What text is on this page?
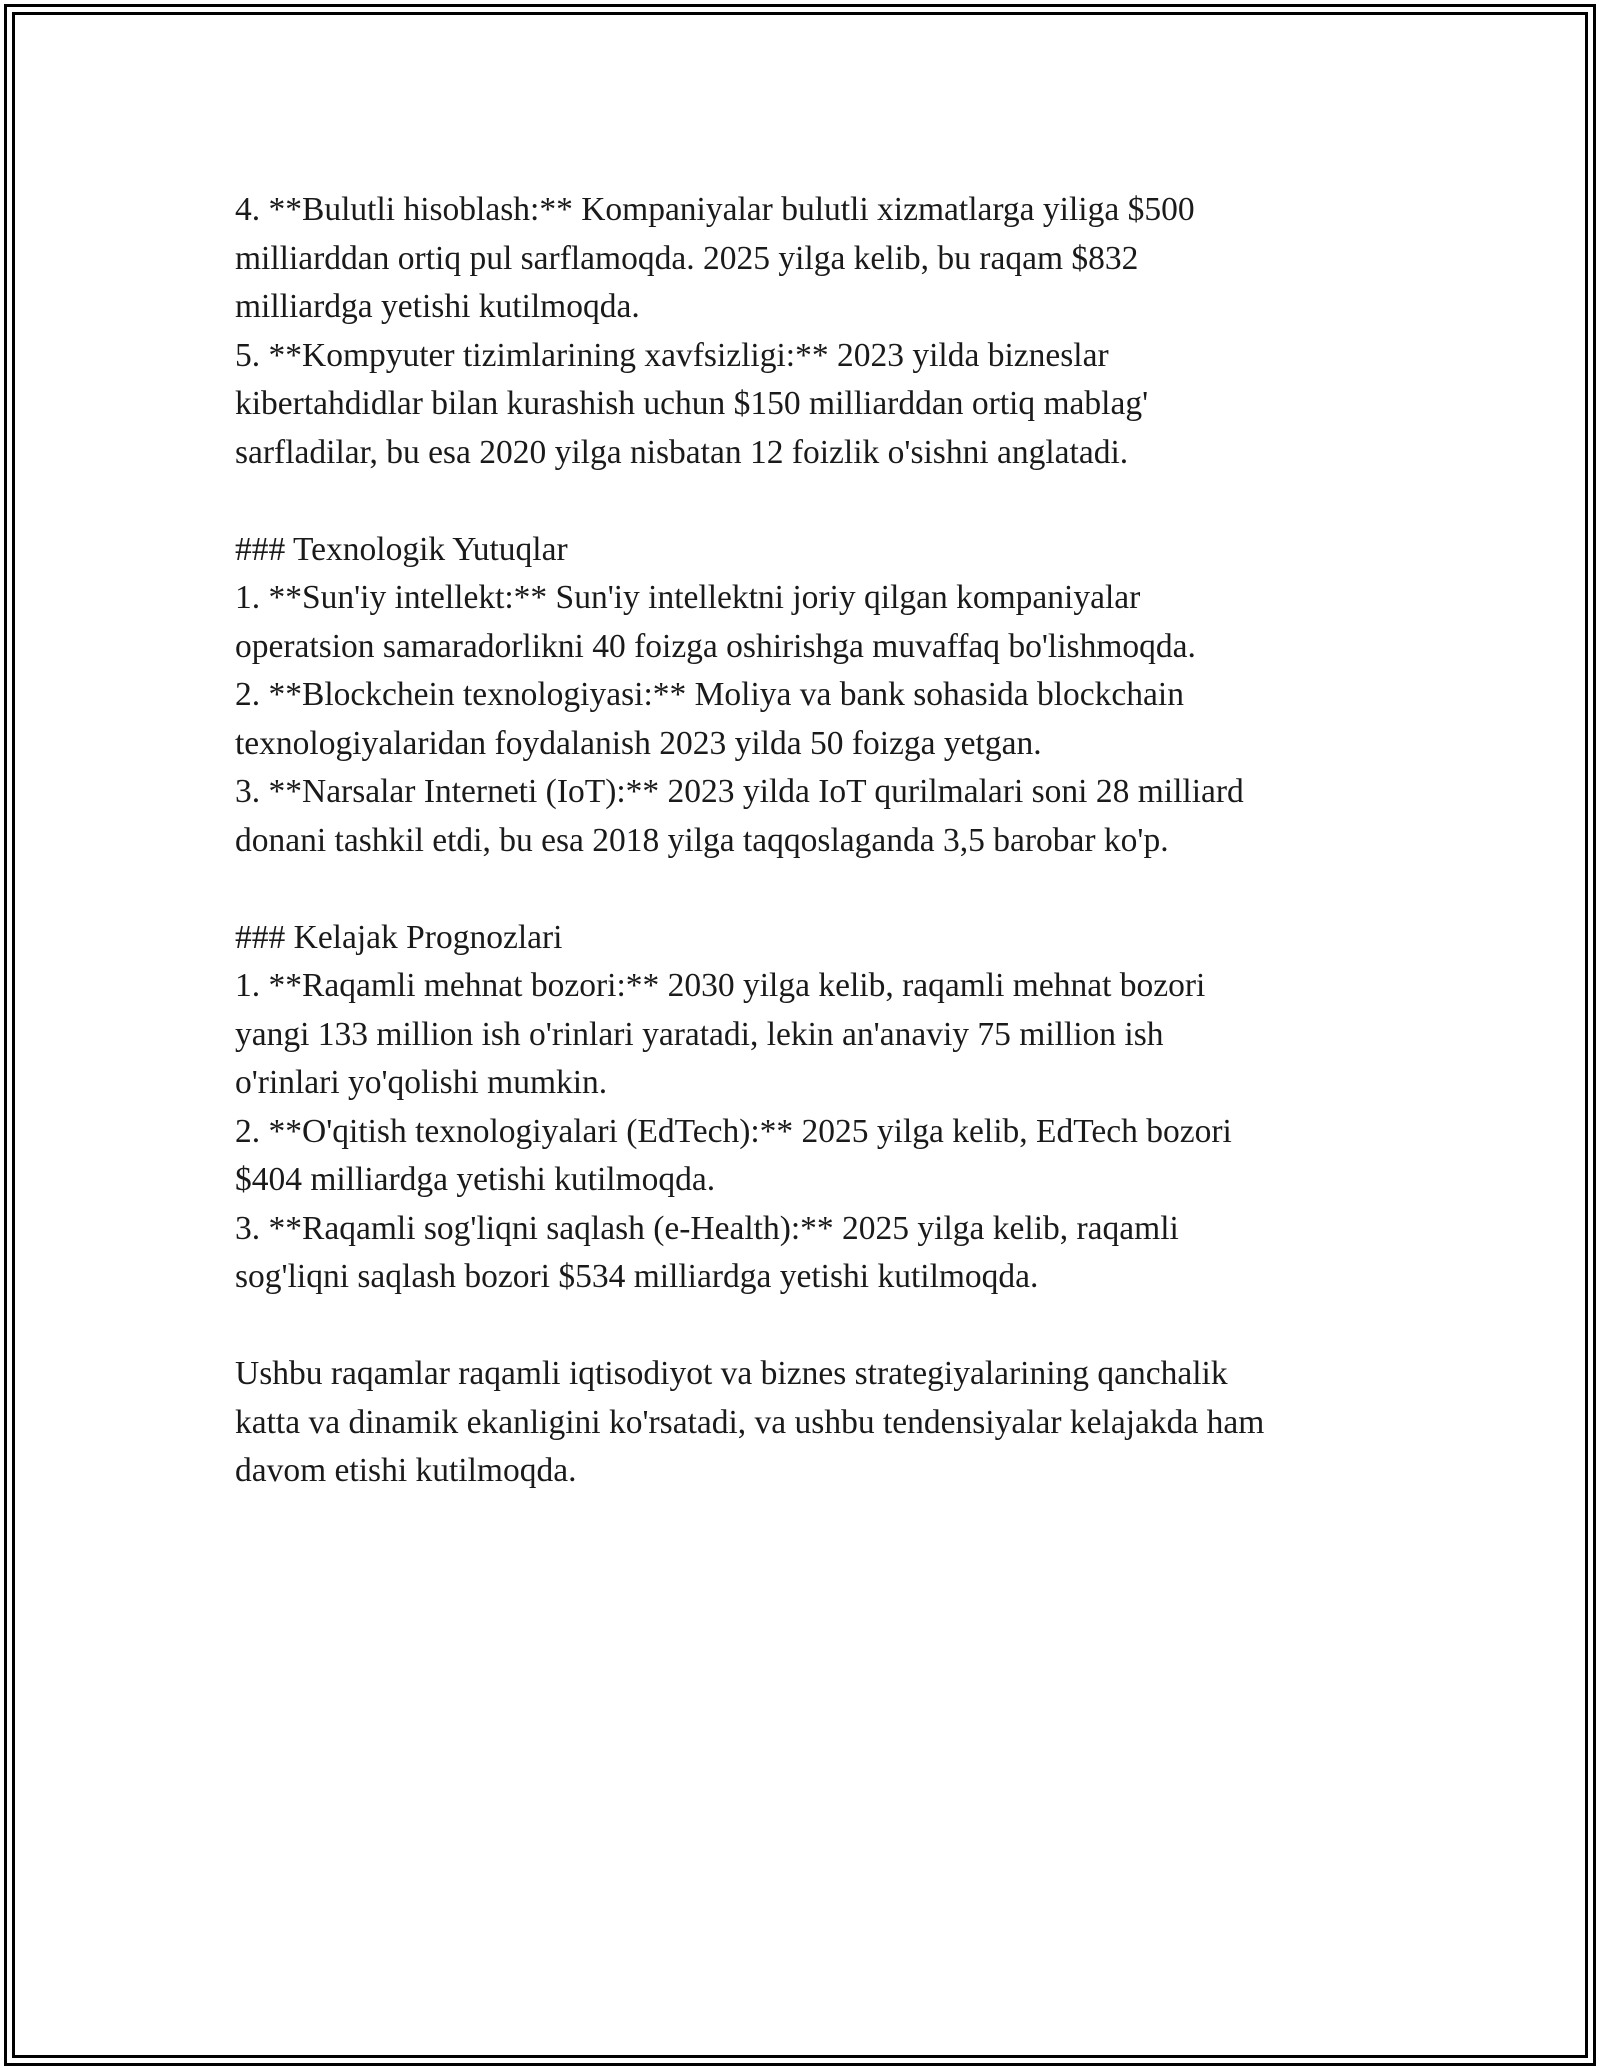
4. **Bulutli hisoblash:** Kompaniyalar bulutli xizmatlarga yiliga $500
milliarddan ortiq pul sarflamoqda. 2025 yilga kelib, bu raqam $832
milliardga yetishi kutilmoqda.
5. **Kompyuter tizimlarining xavfsizligi:** 2023 yilda bizneslar
kibertahdidlar bilan kurashish uchun $150 milliarddan ortiq mablag'
sarfladilar, bu esa 2020 yilga nisbatan 12 foizlik o'sishni anglatadi.
### Texnologik Yutuqlar
1. **Sun'iy intellekt:** Sun'iy intellektni joriy qilgan kompaniyalar
operatsion samaradorlikni 40 foizga oshirishga muvaffaq bo'lishmoqda.
2. **Blockchein texnologiyasi:** Moliya va bank sohasida blockchain
texnologiyalaridan foydalanish 2023 yilda 50 foizga yetgan.
3. **Narsalar Interneti (IoT):** 2023 yilda IoT qurilmalari soni 28 milliard
donani tashkil etdi, bu esa 2018 yilga taqqoslaganda 3,5 barobar ko'p.
### Kelajak Prognozlari
1. **Raqamli mehnat bozori:** 2030 yilga kelib, raqamli mehnat bozori
yangi 133 million ish o'rinlari yaratadi, lekin an'anaviy 75 million ish
o'rinlari yo'qolishi mumkin.
2. **O'qitish texnologiyalari (EdTech):** 2025 yilga kelib, EdTech bozori
$404 milliardga yetishi kutilmoqda.
3. **Raqamli sog'liqni saqlash (e-Health):** 2025 yilga kelib, raqamli
sog'liqni saqlash bozori $534 milliardga yetishi kutilmoqda.
Ushbu raqamlar raqamli iqtisodiyot va biznes strategiyalarining qanchalik
katta va dinamik ekanligini ko'rsatadi, va ushbu tendensiyalar kelajakda ham
davom etishi kutilmoqda.
